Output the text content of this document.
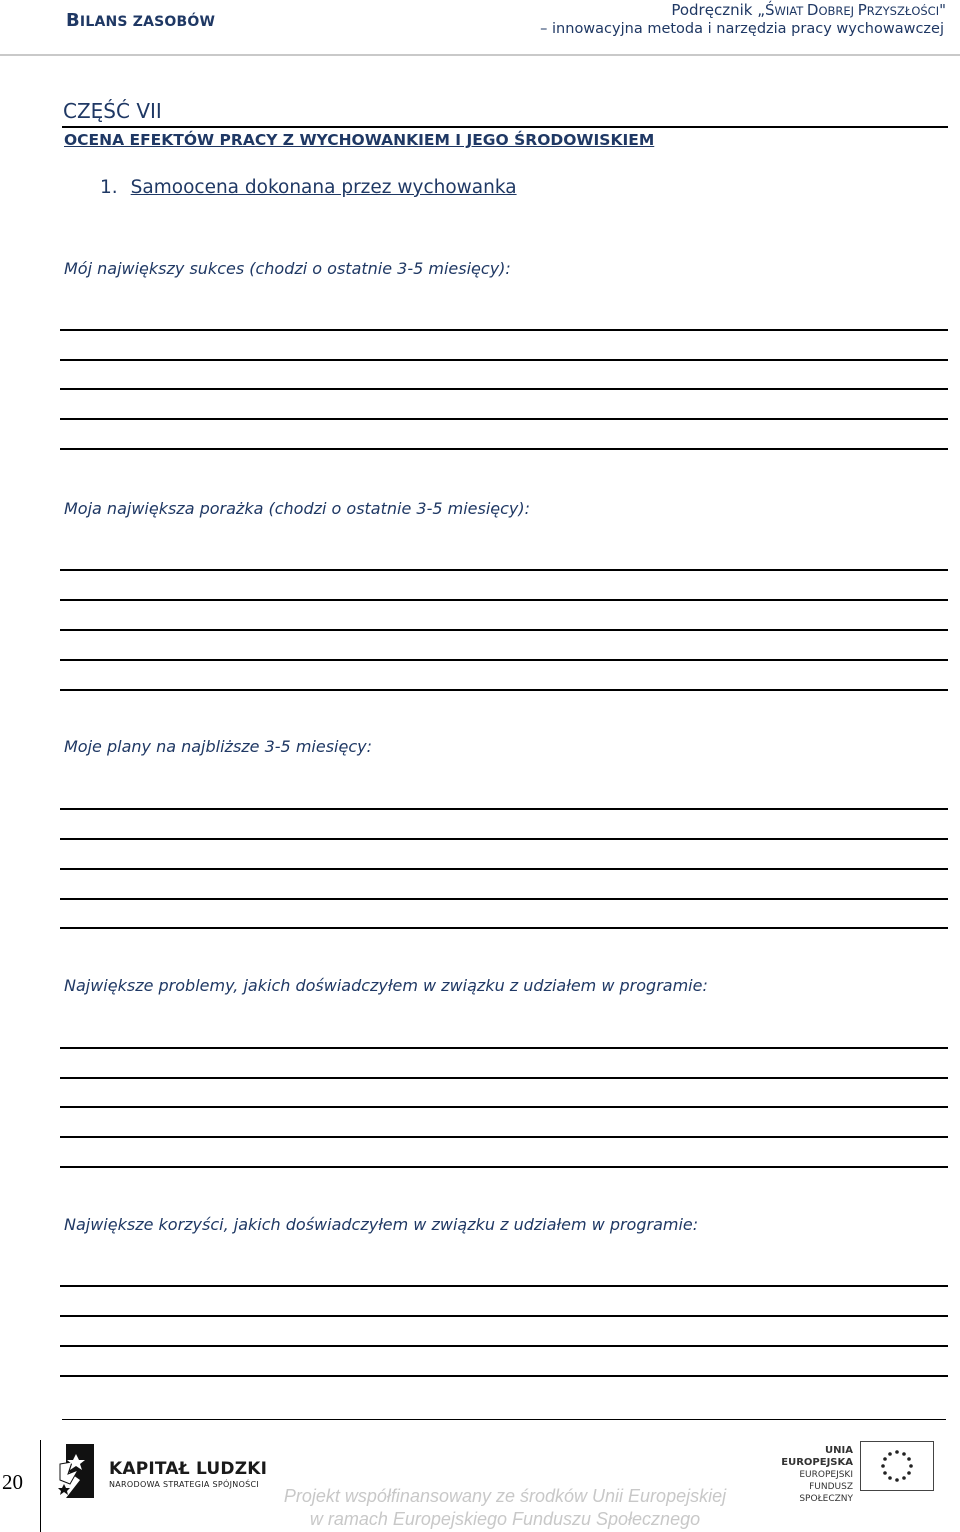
BILANS ZASOBÓW
Podręcznik „ŚWIAT DOBREJ PRZYSZŁOŚCI"
– innowacyjna metoda i narzędzia pracy wychowawczej
CZĘŚĆ VII
OCENA EFEKTÓW PRACY Z WYCHOWANKIEM I JEGO ŚRODOWISKIEM
1. Samoocena dokonana przez wychowanka
Mój największy sukces (chodzi o ostatnie 3-5 miesięcy):
Moja największa porażka (chodzi o ostatnie 3-5 miesięcy):
Moje plany na najbliższe 3-5 miesięcy:
Największe problemy, jakich doświadczyłem w związku z udziałem w programie:
Największe korzyści, jakich doświadczyłem w związku z udziałem w programie:
20
KAPITAŁ LUDZKI
NARODOWA STRATEGIA SPÓJNOŚCI
UNIA EUROPEJSKA
EUROPEJSKI
FUNDUSZ SPOŁECZNY
Projekt współfinansowany ze środków Unii Europejskiej
w ramach Europejskiego Funduszu Społecznego
